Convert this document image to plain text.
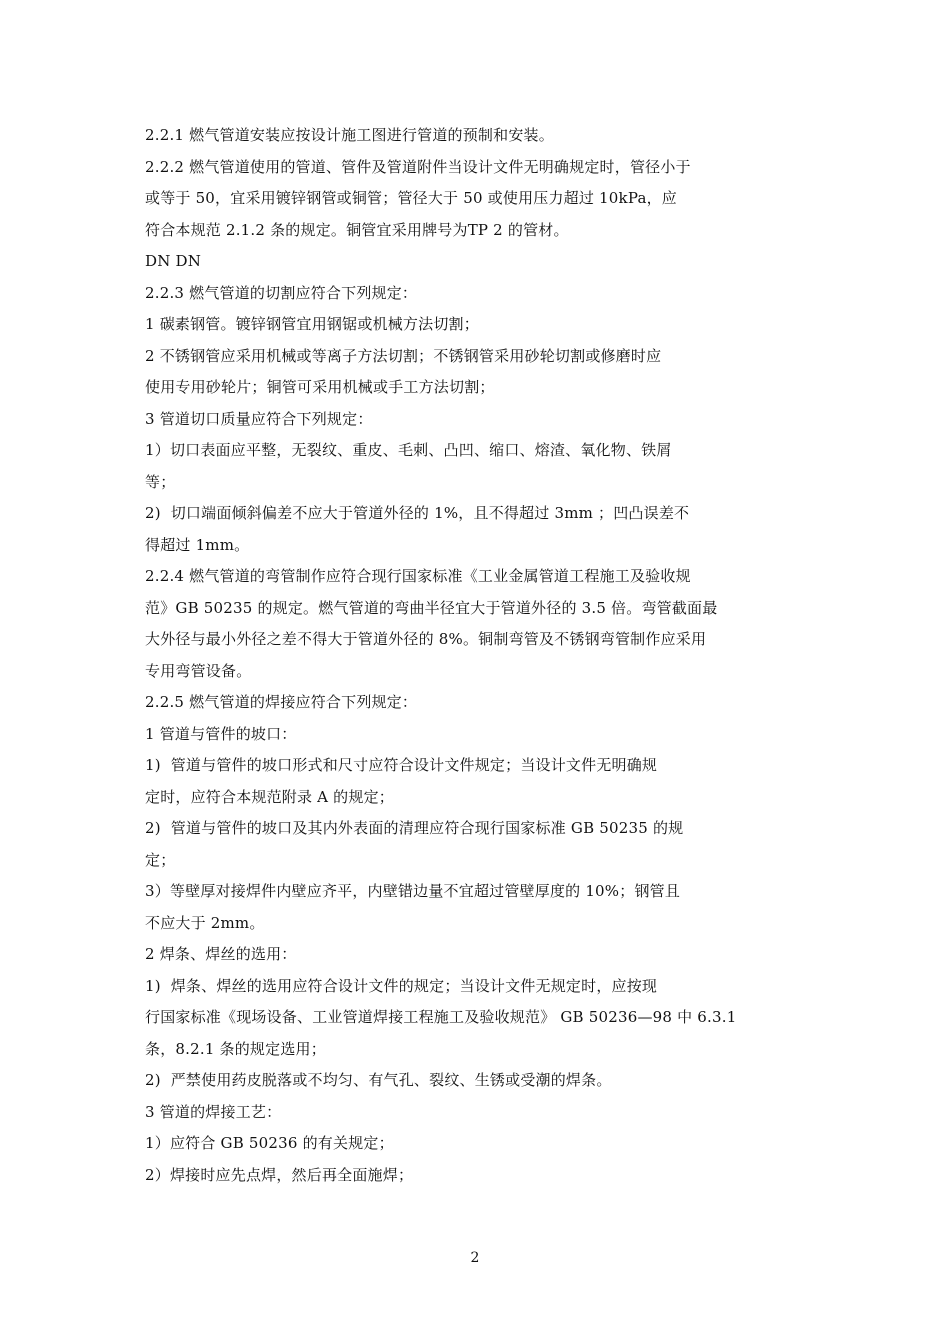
2.2.1 燃气管道安装应按设计施工图进行管道的预制和安装。
2.2.2 燃气管道使用的管道、管件及管道附件当设计文件无明确规定时，管径小于
或等于 50，宜采用镀锌钢管或铜管；管径大于 50 或使用压力超过 10kPa，应
符合本规范 2.1.2 条的规定。铜管宜采用牌号为TP 2 的管材。
DN DN
2.2.3 燃气管道的切割应符合下列规定：
1 碳素钢管。镀锌钢管宜用钢锯或机械方法切割；
2 不锈钢管应采用机械或等离子方法切割；不锈钢管采用砂轮切割或修磨时应
使用专用砂轮片；铜管可采用机械或手工方法切割；
3 管道切口质量应符合下列规定：
1）切口表面应平整，无裂纹、重皮、毛刺、凸凹、缩口、熔渣、氧化物、铁屑
等；
2)  切口端面倾斜偏差不应大于管道外径的 1%，且不得超过 3mm ；凹凸误差不
得超过 1mm。
2.2.4 燃气管道的弯管制作应符合现行国家标准《工业金属管道工程施工及验收规
范》GB 50235 的规定。燃气管道的弯曲半径宜大于管道外径的 3.5 倍。弯管截面最
大外径与最小外径之差不得大于管道外径的 8%。铜制弯管及不锈钢弯管制作应采用
专用弯管设备。
2.2.5 燃气管道的焊接应符合下列规定：
1 管道与管件的坡口：
1)  管道与管件的坡口形式和尺寸应符合设计文件规定；当设计文件无明确规
定时，应符合本规范附录 A 的规定；
2)  管道与管件的坡口及其内外表面的清理应符合现行国家标准 GB 50235 的规
定；
3）等壁厚对接焊件内壁应齐平，内壁错边量不宜超过管壁厚度的 10%；钢管且
不应大于 2mm。
2 焊条、焊丝的选用：
1)  焊条、焊丝的选用应符合设计文件的规定；当设计文件无规定时，应按现
行国家标准《现场设备、工业管道焊接工程施工及验收规范》 GB 50236—98 中 6.3.1
条，8.2.1 条的规定选用；
2)  严禁使用药皮脱落或不均匀、有气孔、裂纹、生锈或受潮的焊条。
3 管道的焊接工艺：
1）应符合 GB 50236 的有关规定；
2）焊接时应先点焊，然后再全面施焊；
2
